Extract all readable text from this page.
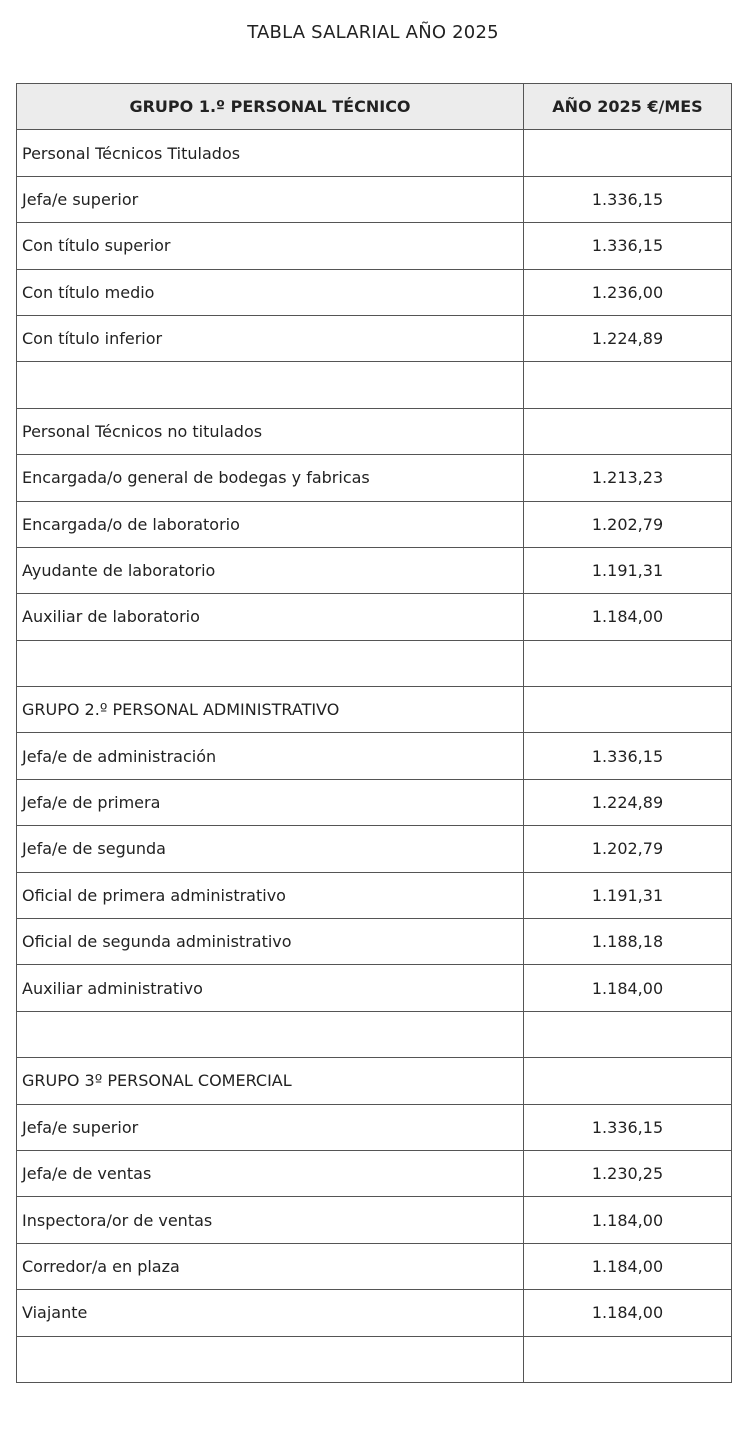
TABLA SALARIAL AÑO 2025
GRUPO 1.º PERSONAL TÉCNICO	AÑO 2025 €/MES
Personal Técnicos Titulados	
Jefa/e superior	1.336,15
Con título superior	1.336,15
Con título medio	1.236,00
Con título inferior	1.224,89

Personal Técnicos no titulados	
Encargada/o general de bodegas y fabricas	1.213,23
Encargada/o de laboratorio	1.202,79
Ayudante de laboratorio	1.191,31
Auxiliar de laboratorio	1.184,00

GRUPO 2.º PERSONAL ADMINISTRATIVO	
Jefa/e de administración	1.336,15
Jefa/e de primera	1.224,89
Jefa/e de segunda	1.202,79
Oficial de primera administrativo	1.191,31
Oficial de segunda administrativo	1.188,18
Auxiliar administrativo	1.184,00

GRUPO 3º PERSONAL COMERCIAL	
Jefa/e superior	1.336,15
Jefa/e de ventas	1.230,25
Inspectora/or de ventas	1.184,00
Corredor/a en plaza	1.184,00
Viajante	1.184,00
